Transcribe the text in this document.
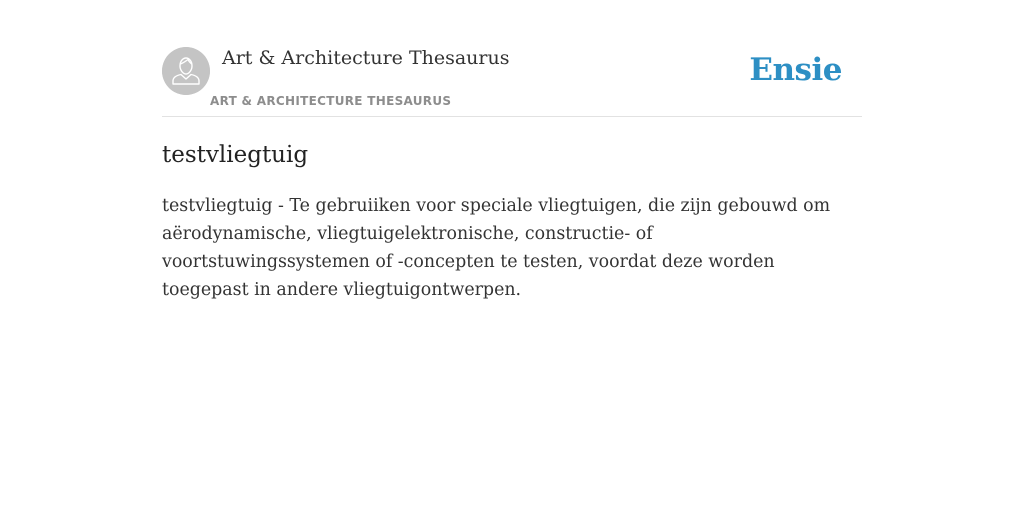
Art & Architecture Thesaurus
ART & ARCHITECTURE THESAURUS
Ensie
testvliegtuig

testvliegtuig - Te gebruiiken voor speciale vliegtuigen, die zijn gebouwd om aërodynamische, vliegtuigelektronische, constructie- of voortstuwingssystemen of -concepten te testen, voordat deze worden toegepast in andere vliegtuigontwerpen.
